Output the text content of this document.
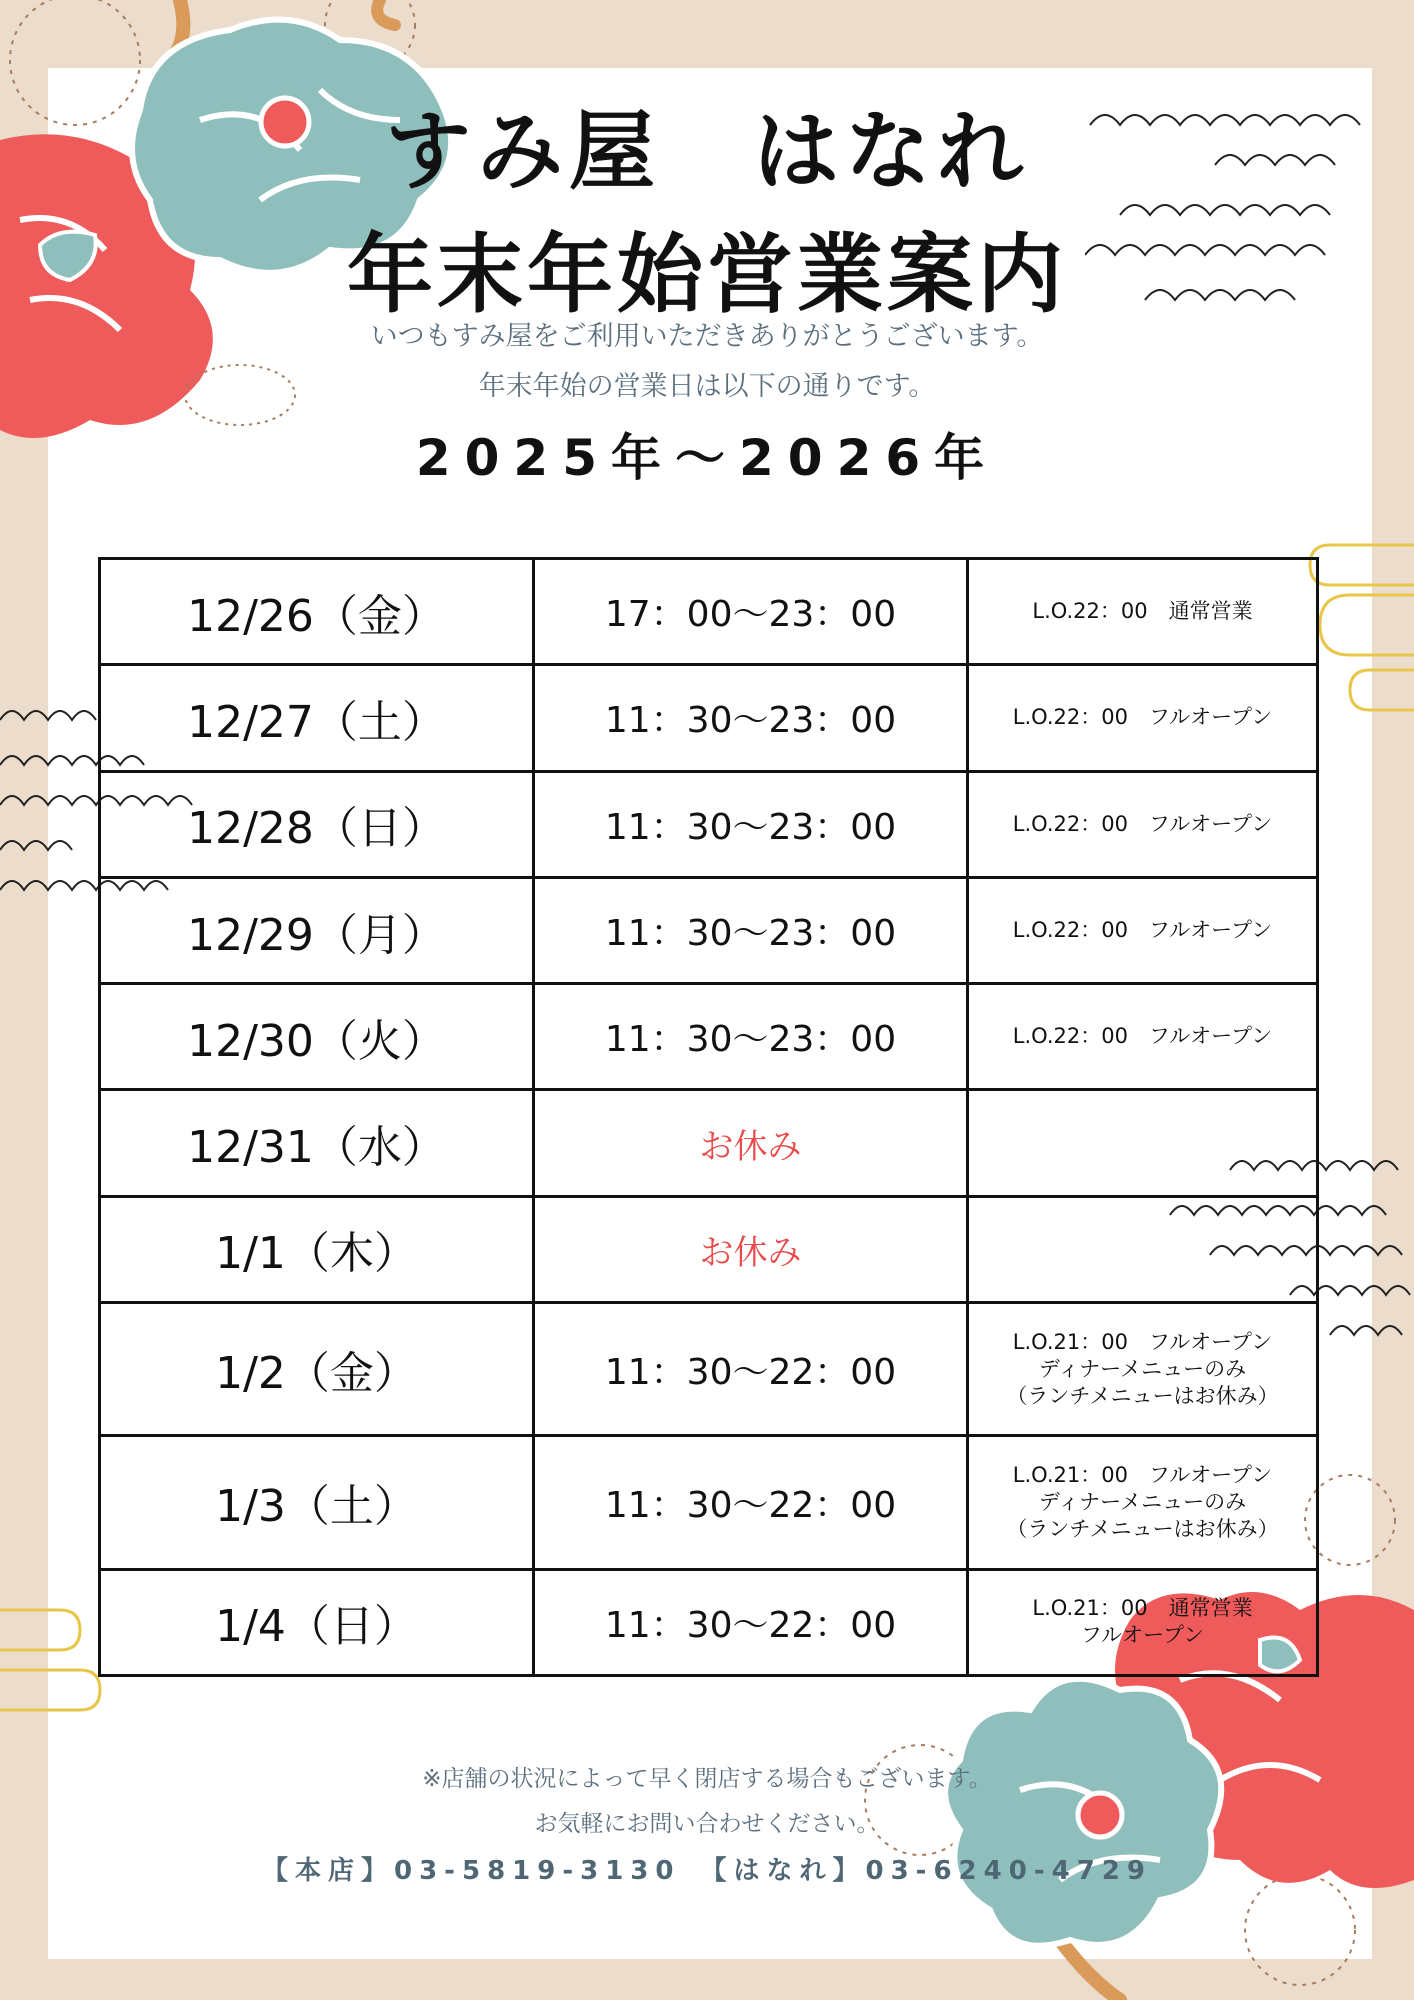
すみ屋　はなれ
年末年始営業案内
いつもすみ屋をご利用いただきありがとうございます。
年末年始の営業日は以下の通りです。
2025年～2026年
12/26（金）	17：00～23：00	L.O.22：00　通常営業

12/27（土）	11：30～23：00	L.O.22：00　フルオープン

12/28（日）	11：30～23：00	L.O.22：00　フルオープン

12/29（月）	11：30～23：00	L.O.22：00　フルオープン

12/30（火）	11：30～23：00	L.O.22：00　フルオープン

12/31（水）	お休み	
1/1（木）	お休み	
1/2（金）	11：30～22：00	L.O.21：00　フルオープン
ディナーメニューのみ
（ランチメニューはお休み）

1/3（土）	11：30～22：00	L.O.21：00　フルオープン
ディナーメニューのみ
（ランチメニューはお休み）

1/4（日）	11：30～22：00	L.O.21：00　通常営業
フルオープン
※店舗の状況によって早く閉店する場合もございます。
お気軽にお問い合わせください。
【本店】03-5819-3130　【はなれ】03-6240-4729
